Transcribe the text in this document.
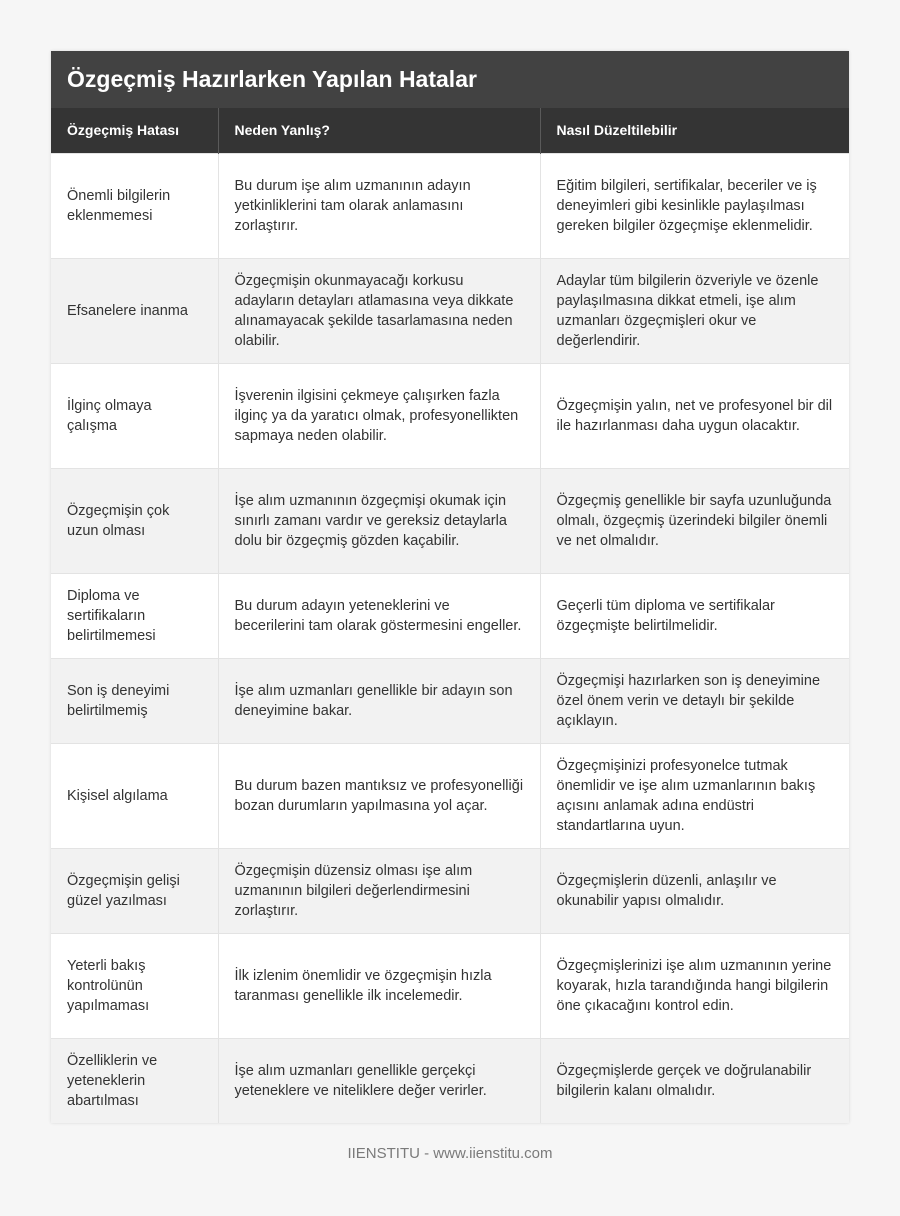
Özgeçmiş Hazırlarken Yapılan Hatalar
Özgeçmiş Hatası	Neden Yanlış?	Nasıl Düzeltilebilir
Önemli bilgilerin eklenmemesi	Bu durum işe alım uzmanının adayın yetkinliklerini tam olarak anlamasını zorlaştırır.	Eğitim bilgileri, sertifikalar, beceriler ve iş deneyimleri gibi kesinlikle paylaşılması gereken bilgiler özgeçmişe eklenmelidir.
Efsanelere inanma	Özgeçmişin okunmayacağı korkusu adayların detayları atlamasına veya dikkate alınamayacak şekilde tasarlamasına neden olabilir.	Adaylar tüm bilgilerin özveriyle ve özenle paylaşılmasına dikkat etmeli, işe alım uzmanları özgeçmişleri okur ve değerlendirir.
İlginç olmaya çalışma	İşverenin ilgisini çekmeye çalışırken fazla ilginç ya da yaratıcı olmak, profesyonellikten sapmaya neden olabilir.	Özgeçmişin yalın, net ve profesyonel bir dil ile hazırlanması daha uygun olacaktır.
Özgeçmişin çok uzun olması	İşe alım uzmanının özgeçmişi okumak için sınırlı zamanı vardır ve gereksiz detaylarla dolu bir özgeçmiş gözden kaçabilir.	Özgeçmiş genellikle bir sayfa uzunluğunda olmalı, özgeçmiş üzerindeki bilgiler önemli ve net olmalıdır.
Diploma ve sertifikaların belirtilmemesi	Bu durum adayın yeteneklerini ve becerilerini tam olarak göstermesini engeller.	Geçerli tüm diploma ve sertifikalar özgeçmişte belirtilmelidir.
Son iş deneyimi belirtilmemiş	İşe alım uzmanları genellikle bir adayın son deneyimine bakar.	Özgeçmişi hazırlarken son iş deneyimine özel önem verin ve detaylı bir şekilde açıklayın.
Kişisel algılama	Bu durum bazen mantıksız ve profesyonelliği bozan durumların yapılmasına yol açar.	Özgeçmişinizi profesyonelce tutmak önemlidir ve işe alım uzmanlarının bakış açısını anlamak adına endüstri standartlarına uyun.
Özgeçmişin gelişi güzel yazılması	Özgeçmişin düzensiz olması işe alım uzmanının bilgileri değerlendirmesini zorlaştırır.	Özgeçmişlerin düzenli, anlaşılır ve okunabilir yapısı olmalıdır.
Yeterli bakış kontrolünün yapılmaması	İlk izlenim önemlidir ve özgeçmişin hızla taranması genellikle ilk incelemedir.	Özgeçmişlerinizi işe alım uzmanının yerine koyarak, hızla tarandığında hangi bilgilerin öne çıkacağını kontrol edin.
Özelliklerin ve yeteneklerin abartılması	İşe alım uzmanları genellikle gerçekçi yeteneklere ve niteliklere değer verirler.	Özgeçmişlerde gerçek ve doğrulanabilir bilgilerin kalanı olmalıdır.
IIENSTITU - www.iienstitu.com
